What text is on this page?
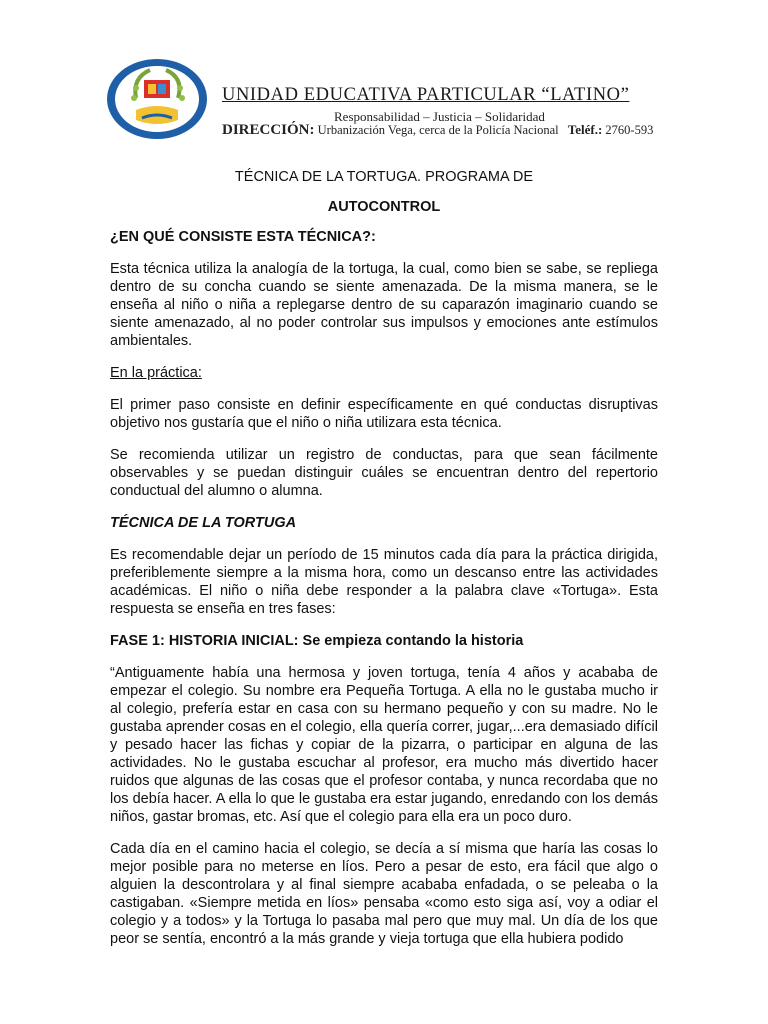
UNIDAD EDUCATIVA PARTICULAR “LATINO”
Responsabilidad – Justicia – Solidaridad
DIRECCIÓN: Urbanización Vega, cerca de la Policía Nacional Teléf.: 2760-593

TÉCNICA DE LA TORTUGA. PROGRAMA DE

AUTOCONTROL

¿EN QUÉ CONSISTE ESTA TÉCNICA?:

Esta técnica utiliza la analogía de la tortuga, la cual, como bien se sabe, se repliega dentro de su concha cuando se siente amenazada. De la misma manera, se le enseña al niño o niña a replegarse dentro de su caparazón imaginario cuando se siente amenazado, al no poder controlar sus impulsos y emociones ante estímulos ambientales.

En la práctica:

El primer paso consiste en definir específicamente en qué conductas disruptivas objetivo nos gustaría que el niño o niña utilizara esta técnica.

Se recomienda utilizar un registro de conductas, para que sean fácilmente observables y se puedan distinguir cuáles se encuentran dentro del repertorio conductual del alumno o alumna.

TÉCNICA DE LA TORTUGA

Es recomendable dejar un período de 15 minutos cada día para la práctica dirigida, preferiblemente siempre a la misma hora, como un descanso entre las actividades académicas. El niño o niña debe responder a la palabra clave «Tortuga». Esta respuesta se enseña en tres fases:

FASE 1: HISTORIA INICIAL: Se empieza contando la historia

“Antiguamente había una hermosa y joven tortuga, tenía 4 años y acababa de empezar el colegio. Su nombre era Pequeña Tortuga. A ella no le gustaba mucho ir al colegio, prefería estar en casa con su hermano pequeño y con su madre. No le gustaba aprender cosas en el colegio, ella quería correr, jugar,...era demasiado difícil y pesado hacer las fichas y copiar de la pizarra, o participar en alguna de las actividades. No le gustaba escuchar al profesor, era mucho más divertido hacer ruidos que algunas de las cosas que el profesor contaba, y nunca recordaba que no los debía hacer. A ella lo que le gustaba era estar jugando, enredando con los demás niños, gastar bromas, etc. Así que el colegio para ella era un poco duro.

Cada día en el camino hacia el colegio, se decía a sí misma que haría las cosas lo mejor posible para no meterse en líos. Pero a pesar de esto, era fácil que algo o alguien la descontrolara y al final siempre acababa enfadada, o se peleaba o la castigaban. «Siempre metida en líos» pensaba «como esto siga así, voy a odiar el colegio y a todos» y la Tortuga lo pasaba mal pero que muy mal. Un día de los que peor se sentía, encontró a la más grande y vieja tortuga que ella hubiera podido
